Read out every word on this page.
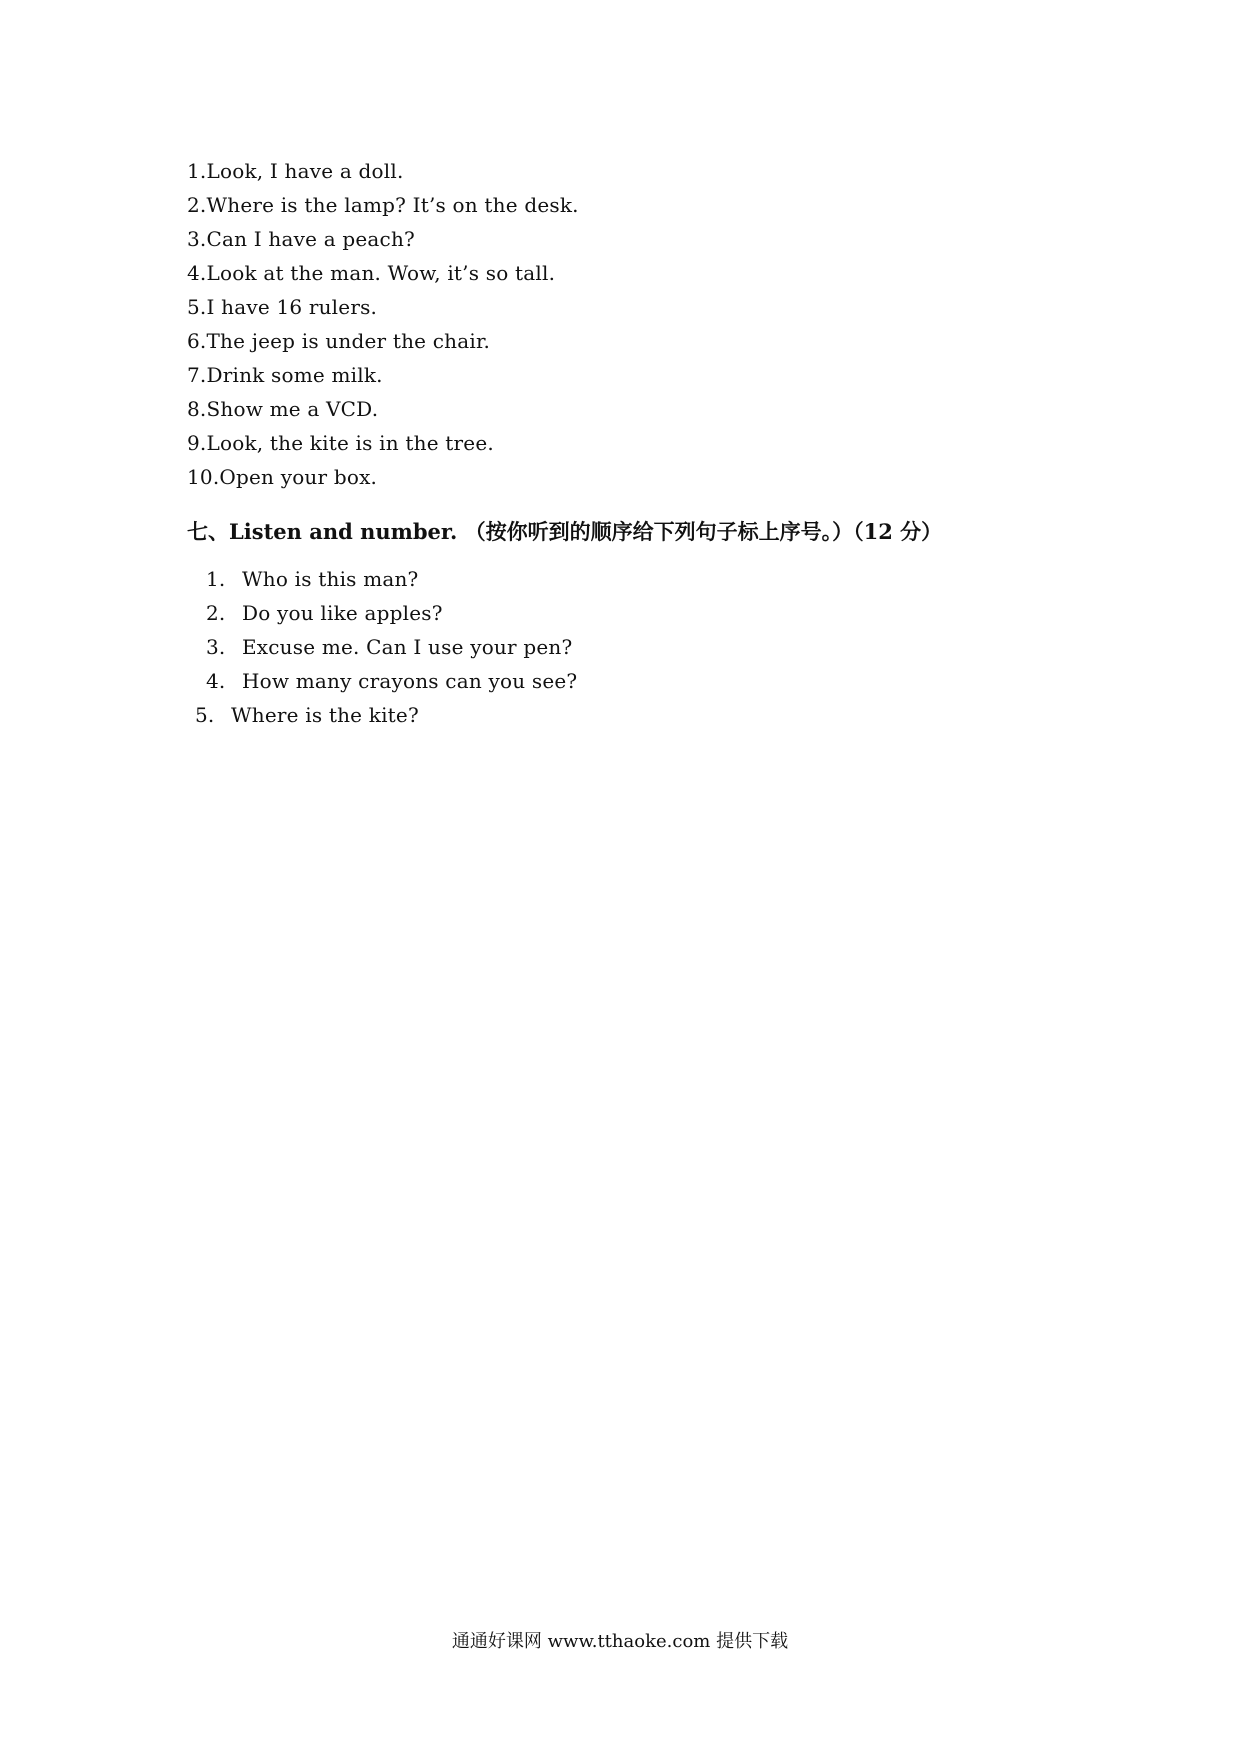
1.Look, I have a doll.
2.Where is the lamp? It’s on the desk.
3.Can I have a peach?
4.Look at the man. Wow, it’s so tall.
5.I have 16 rulers.
6.The jeep is under the chair.
7.Drink some milk.
8.Show me a VCD.
9.Look, the kite is in the tree.
10.Open your box.
七、Listen and number. （按你听到的顺序给下列句子标上序号。）（12 分）
1. Who is this man?
2. Do you like apples?
3. Excuse me. Can I use your pen?
4. How many crayons can you see?
5. Where is the kite?
通通好课网 www.tthaoke.com 提供下载
